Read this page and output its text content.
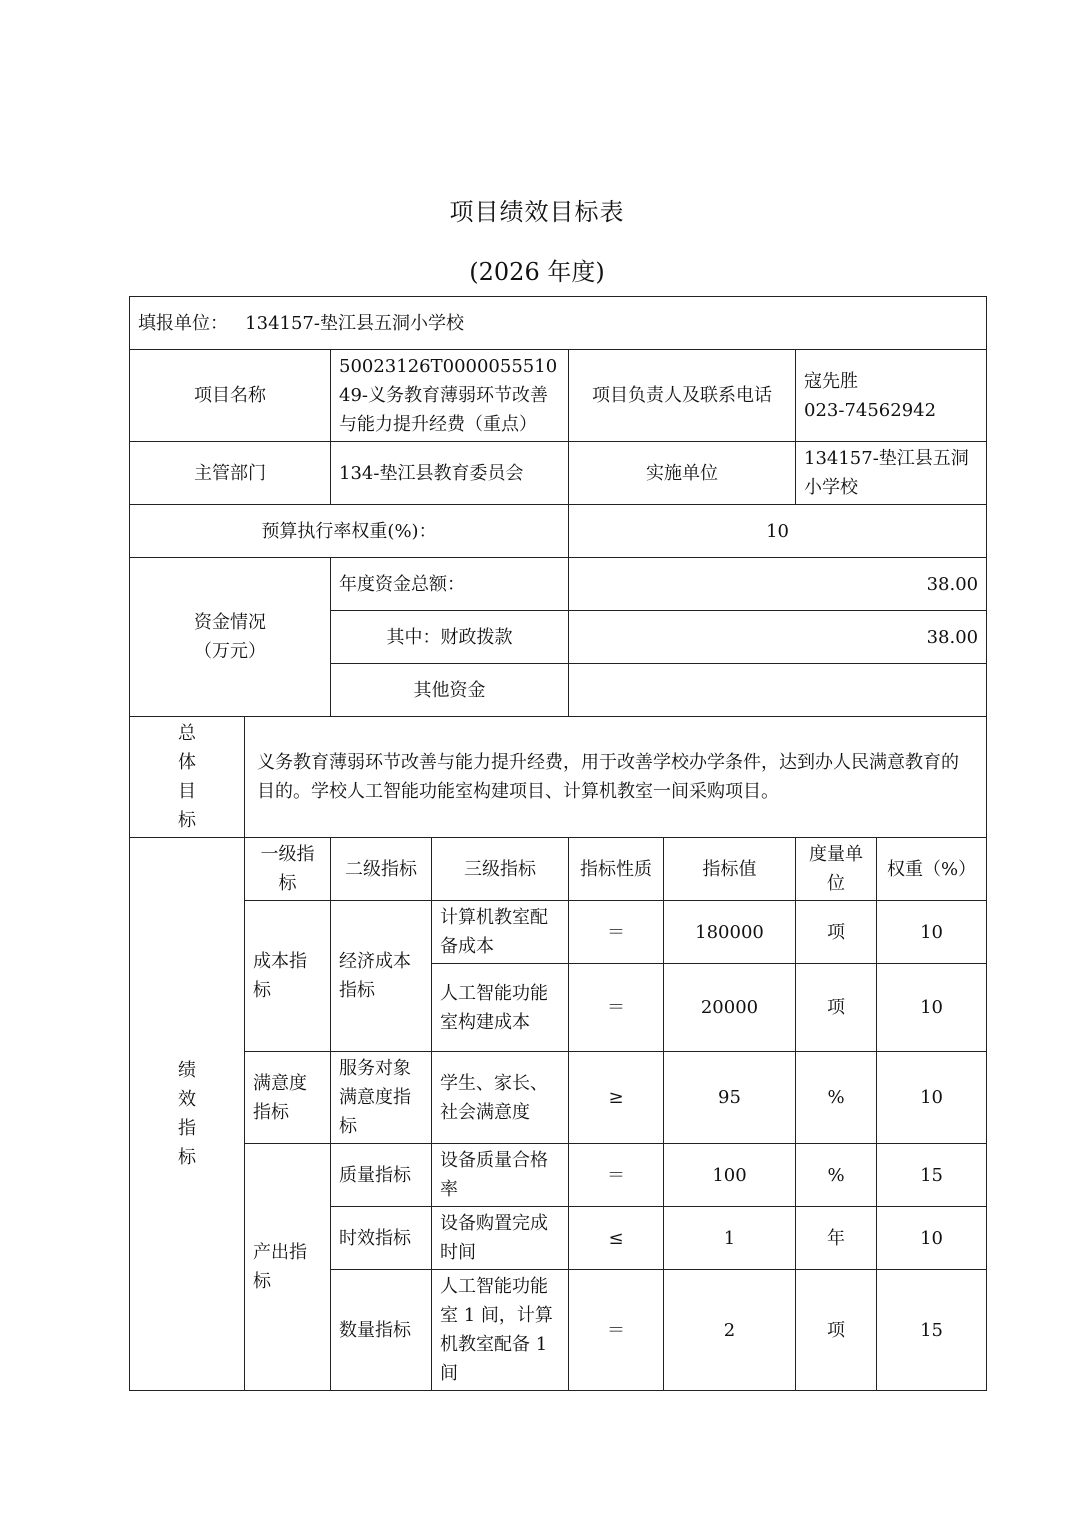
项目绩效目标表
(2026 年度)
填报单位： 134157-垫江县五洞小学校							
项目名称		50023126T000005551049-义务教育薄弱环节改善与能力提升经费（重点）		项目负责人及联系电话		寇先胜
023-74562942	

主管部门		134-垫江县教育委员会		实施单位		134157-垫江县五洞小学校	
预算执行率权重(%)：				10			

资金情况
（万元）		年度资金总额：		38.00			
		其中：财政拨款		38.00			
		其他资金					

总
体
目
标	义务教育薄弱环节改善与能力提升经费，用于改善学校办学条件，达到办人民满意教育的目的。学校人工智能功能室构建项目、计算机教室一间采购项目。						

绩
效
指
标	一级指标	二级指标	三级指标	指标性质	指标值	度量单位	权重（%）
	成本指标	经济成本指标	计算机教室配备成本	＝	180000	项	10
			人工智能功能室构建成本	＝	20000	项	10
	满意度指标	服务对象满意度指标	学生、家长、社会满意度	≥	95	%	10
	产出指标	质量指标	设备质量合格率	＝	100	%	15
		时效指标	设备购置完成时间	≤	1	年	10
		数量指标	人工智能功能室 1 间，计算机教室配备 1 间	＝	2	项	15
